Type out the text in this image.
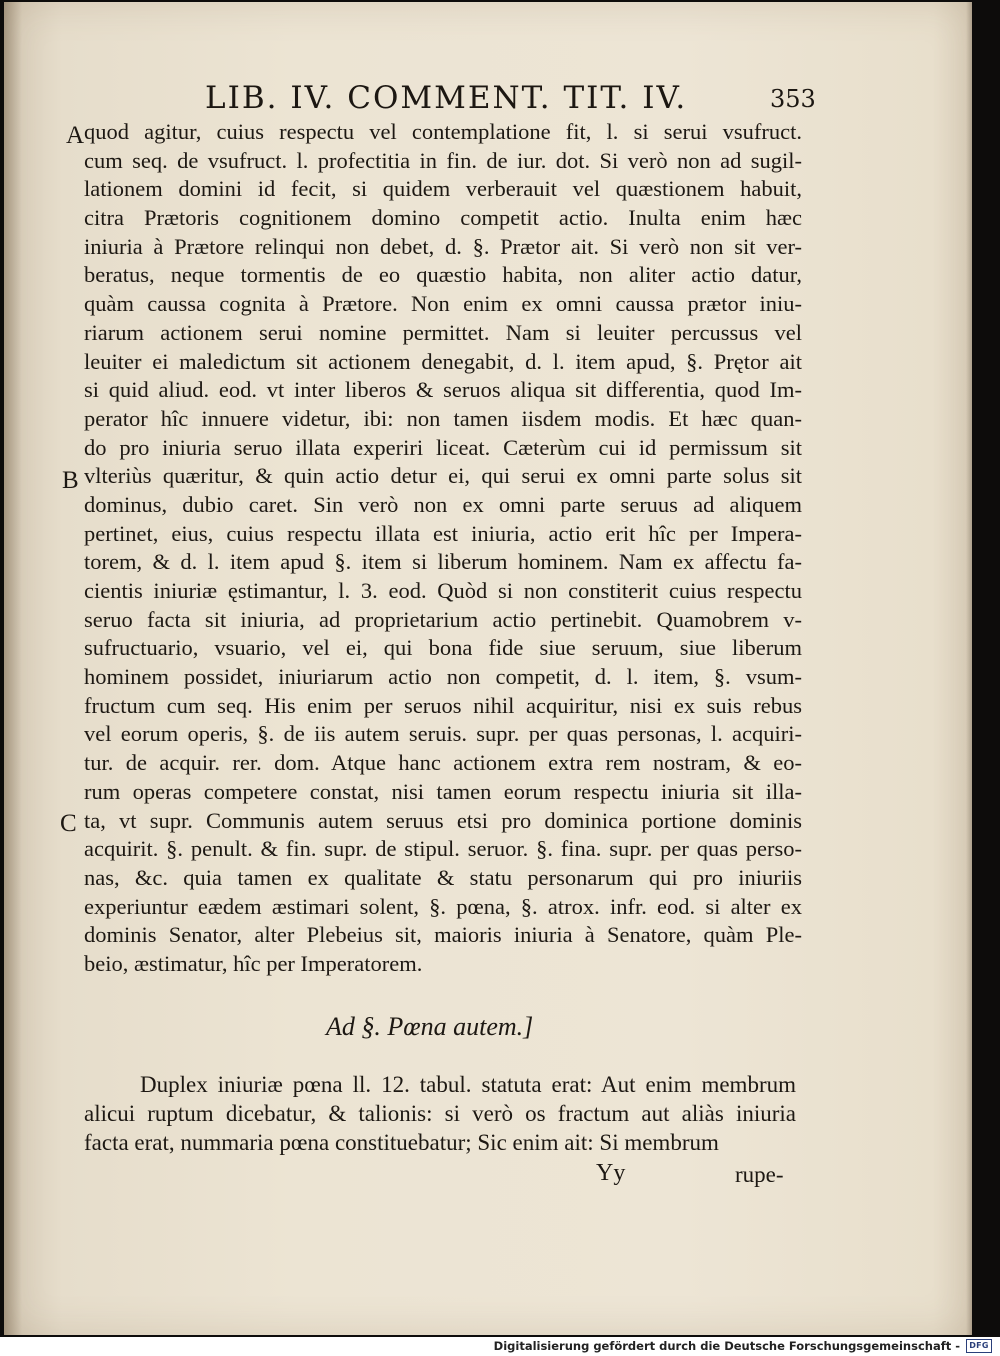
LIB. IV. COMMENT. TIT. IV.	353
A
B
C
quod agitur, cuius respectu vel contemplatione fit, l. si serui vsufruct.
cum seq. de vsufruct. l. profectitia in fin. de iur. dot. Si verò non ad sugil-
lationem domini id fecit, si quidem verberauit vel quæstionem habuit,
citra Prætoris cognitionem domino competit actio. Inulta enim hæc
iniuria à Prætore relinqui non debet, d. §. Prætor ait. Si verò non sit ver-
beratus, neque tormentis de eo quæstio habita, non aliter actio datur,
quàm caussa cognita à Prætore. Non enim ex omni caussa prætor iniu-
riarum actionem serui nomine permittet. Nam si leuiter percussus vel
leuiter ei maledictum sit actionem denegabit, d. l. item apud, §. Prętor ait
si quid aliud. eod. vt inter liberos & seruos aliqua sit differentia, quod Im-
perator hîc innuere videtur, ibi: non tamen iisdem modis. Et hæc quan-
do pro iniuria seruo illata experiri liceat. Cæterùm cui id permissum sit
vlteriùs quæritur, & quin actio detur ei, qui serui ex omni parte solus sit
dominus, dubio caret. Sin verò non ex omni parte seruus ad aliquem
pertinet, eius, cuius respectu illata est iniuria, actio erit hîc per Impera-
torem, & d. l. item apud §. item si liberum hominem. Nam ex affectu fa-
cientis iniuriæ ęstimantur, l. 3. eod. Quòd si non constiterit cuius respectu
seruo facta sit iniuria, ad proprietarium actio pertinebit. Quamobrem v-
sufructuario, vsuario, vel ei, qui bona fide siue seruum, siue liberum
hominem possidet, iniuriarum actio non competit, d. l. item, §. vsum-
fructum cum seq. His enim per seruos nihil acquiritur, nisi ex suis rebus
vel eorum operis, §. de iis autem seruis. supr. per quas personas, l. acquiri-
tur. de acquir. rer. dom. Atque hanc actionem extra rem nostram, & eo-
rum operas competere constat, nisi tamen eorum respectu iniuria sit illa-
ta, vt supr. Communis autem seruus etsi pro dominica portione dominis
acquirit. §. penult. & fin. supr. de stipul. seruor. §. fina. supr. per quas perso-
nas, &c. quia tamen ex qualitate & statu personarum qui pro iniuriis
experiuntur eædem æstimari solent, §. pœna, §. atrox. infr. eod. si alter ex
dominis Senator, alter Plebeius sit, maioris iniuria à Senatore, quàm Ple-
beio, æstimatur, hîc per Imperatorem.
Ad §. Pœna autem.]
Duplex iniuriæ pœna ll. 12. tabul. statuta erat: Aut enim membrum
alicui ruptum dicebatur, & talionis: si verò os fractum aut aliàs iniuria
facta erat, nummaria pœna constituebatur; Sic enim ait: Si membrum
Yy	rupe-
Digitalisierung gefördert durch die Deutsche Forschungsgemeinschaft -	DFG
